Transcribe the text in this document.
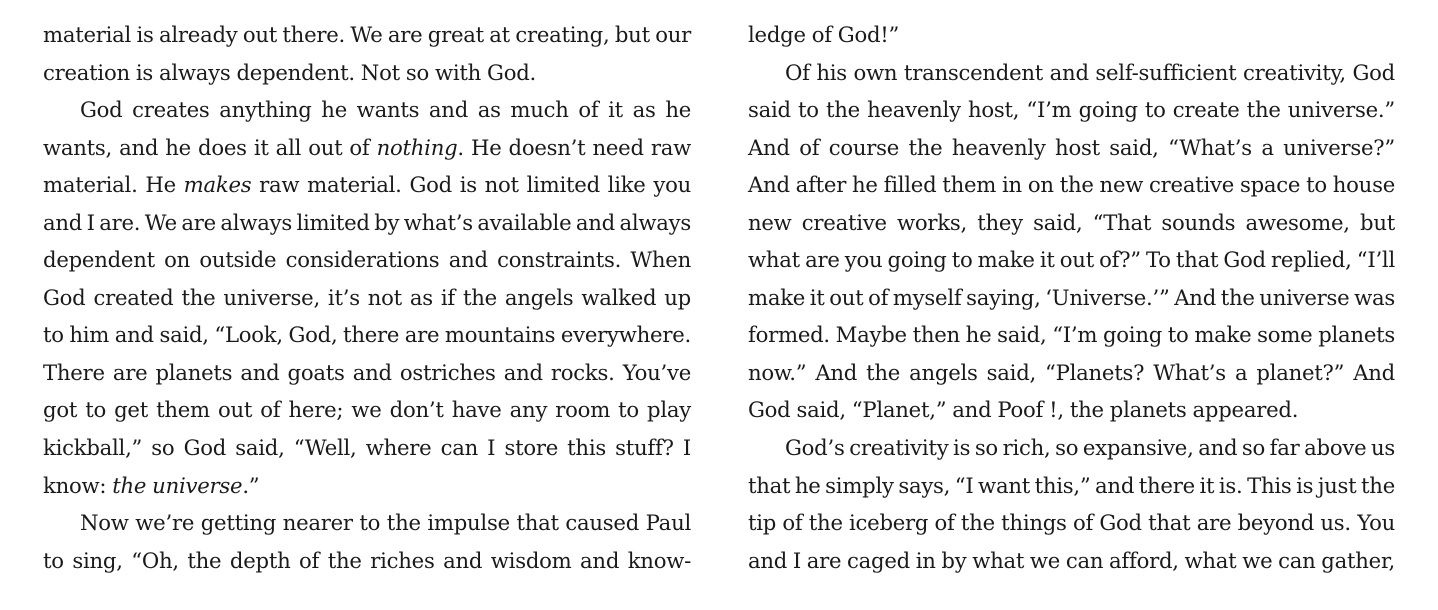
material is already out there. We are great at creating, but our
creation is always dependent. Not so with God.
God creates anything he wants and as much of it as he
wants, and he does it all out of nothing. He doesn’t need raw
material. He makes raw material. God is not limited like you
and I are. We are always limited by what’s available and always
dependent on outside considerations and constraints. When
God created the universe, it’s not as if the angels walked up
to him and said, “Look, God, there are mountains everywhere.
There are planets and goats and ostriches and rocks. You’ve
got to get them out of here; we don’t have any room to play
kickball,” so God said, “Well, where can I store this stuff? I
know: the universe.”
Now we’re getting nearer to the impulse that caused Paul
to sing, “Oh, the depth of the riches and wisdom and know-
ledge of God!”
Of his own transcendent and self-sufficient creativity, God
said to the heavenly host, “I’m going to create the universe.”
And of course the heavenly host said, “What’s a universe?”
And after he filled them in on the new creative space to house
new creative works, they said, “That sounds awesome, but
what are you going to make it out of?” To that God replied, “I’ll
make it out of myself saying, ‘Universe.’” And the universe was
formed. Maybe then he said, “I’m going to make some planets
now.” And the angels said, “Planets? What’s a planet?” And
God said, “Planet,” and Poof !, the planets appeared.
God’s creativity is so rich, so expansive, and so far above us
that he simply says, “I want this,” and there it is. This is just the
tip of the iceberg of the things of God that are beyond us. You
and I are caged in by what we can afford, what we can gather,
